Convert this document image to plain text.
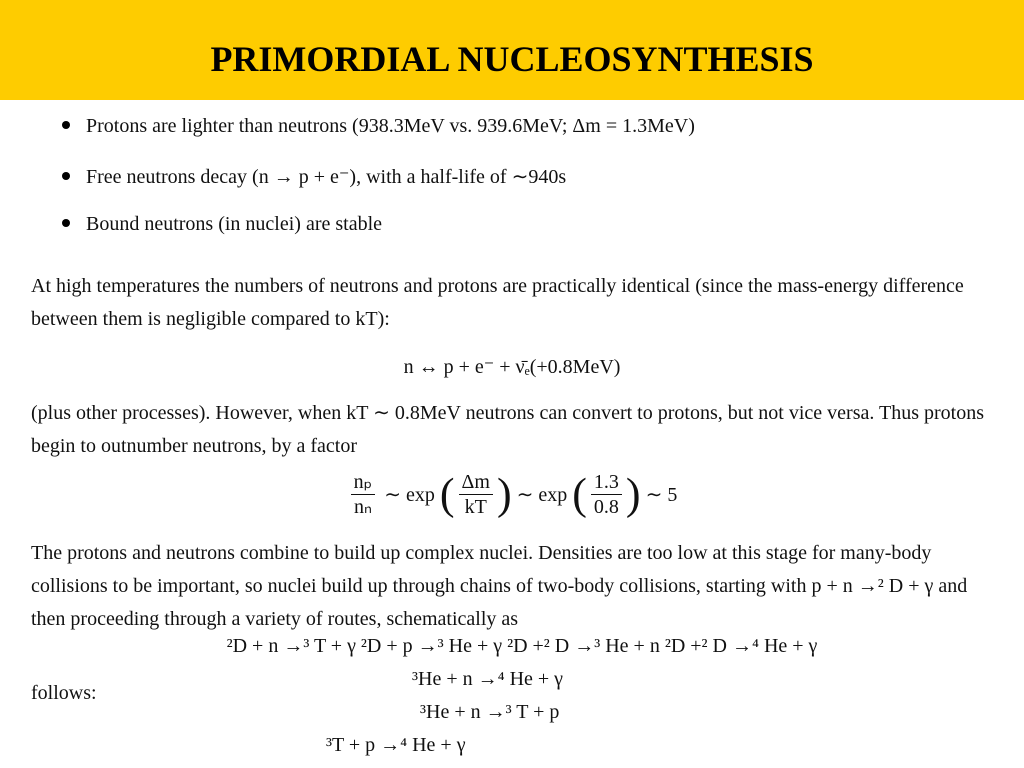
PRIMORDIAL NUCLEOSYNTHESIS
Protons are lighter than neutrons (938.3MeV vs. 939.6MeV; Δm = 1.3MeV)
Free neutrons decay (n → p + e⁻), with a half-life of ∼940s
Bound neutrons (in nuclei) are stable
At high temperatures the numbers of neutrons and protons are practically identical (since the mass-energy difference between them is negligible compared to kT):
n ↔ p + e⁻ + ν̄ₑ(+0.8MeV)
(plus other processes). However, when kT ∼ 0.8MeV neutrons can convert to protons, but not vice versa. Thus protons begin to outnumber neutrons, by a factor
$\frac{\text{nₚ}}{\text{nₙ}}$ ∼ exp ( $\frac{\Delta m}{kT}$ ) ∼ exp ( $\frac{1.3}{0.8}$ ) ∼ 5
The protons and neutrons combine to build up complex nuclei. Densities are too low at this stage for many-body collisions to be important, so nuclei build up through chains of two-body collisions, starting with p + n →² D + γ and then proceeding through a variety of routes, schematically as
²D + n →³ T + γ ²D + p →³ He + γ ²D +² D →³ He + n ²D +² D →⁴ He + γ
³He + n →⁴ He + γ
follows:
³He + n →³ T + p
³T + p →⁴ He + γ
